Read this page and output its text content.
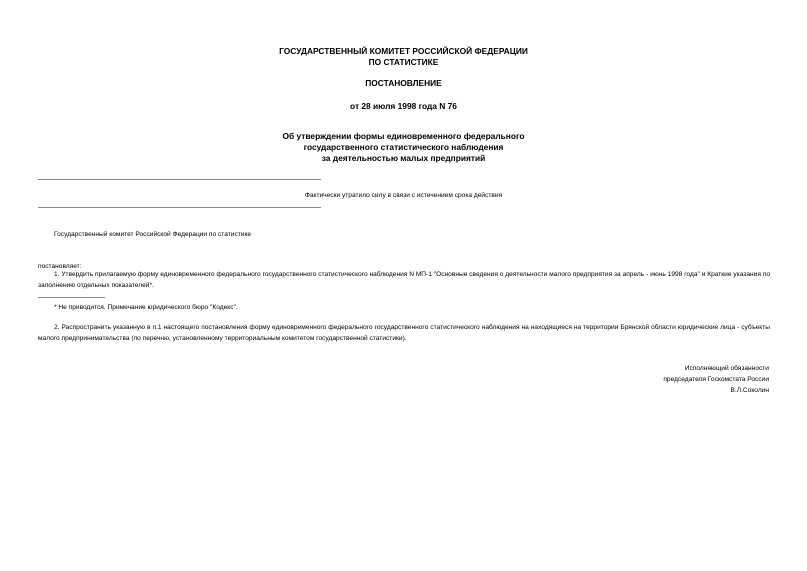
ГОСУДАРСТВЕННЫЙ КОМИТЕТ РОССИЙСКОЙ ФЕДЕРАЦИИ
ПО СТАТИСТИКЕ
ПОСТАНОВЛЕНИЕ
от 28 июля 1998 года N 76
Об утверждении формы единовременного федерального
государственного статистического наблюдения
за деятельностью малых предприятий
Фактически утратило силу в связи с истечением срока действия
Государственный комитет Российской Федерации по статистике
постановляет:
1. Утвердить прилагаемую форму единовременного федерального государственного статистического наблюдения N МП-1 "Основные сведения о деятельности малого предприятия за апрель - июнь 1998 года" и Краткие указания по заполнению отдельных показателей*.
* Не приводится. Примечание юридического бюро "Кодекс".
2. Распространить указанную в п.1 настоящего постановления форму единовременного федерального государственного статистического наблюдения на находящиеся на территории Брянской области юридические лица - субъекты малого предпринимательства (по перечню, установленному территориальным комитетом государственной статистики).
Исполняющий обязанности
председателя Госкомстата России
В.Л.Соколин
